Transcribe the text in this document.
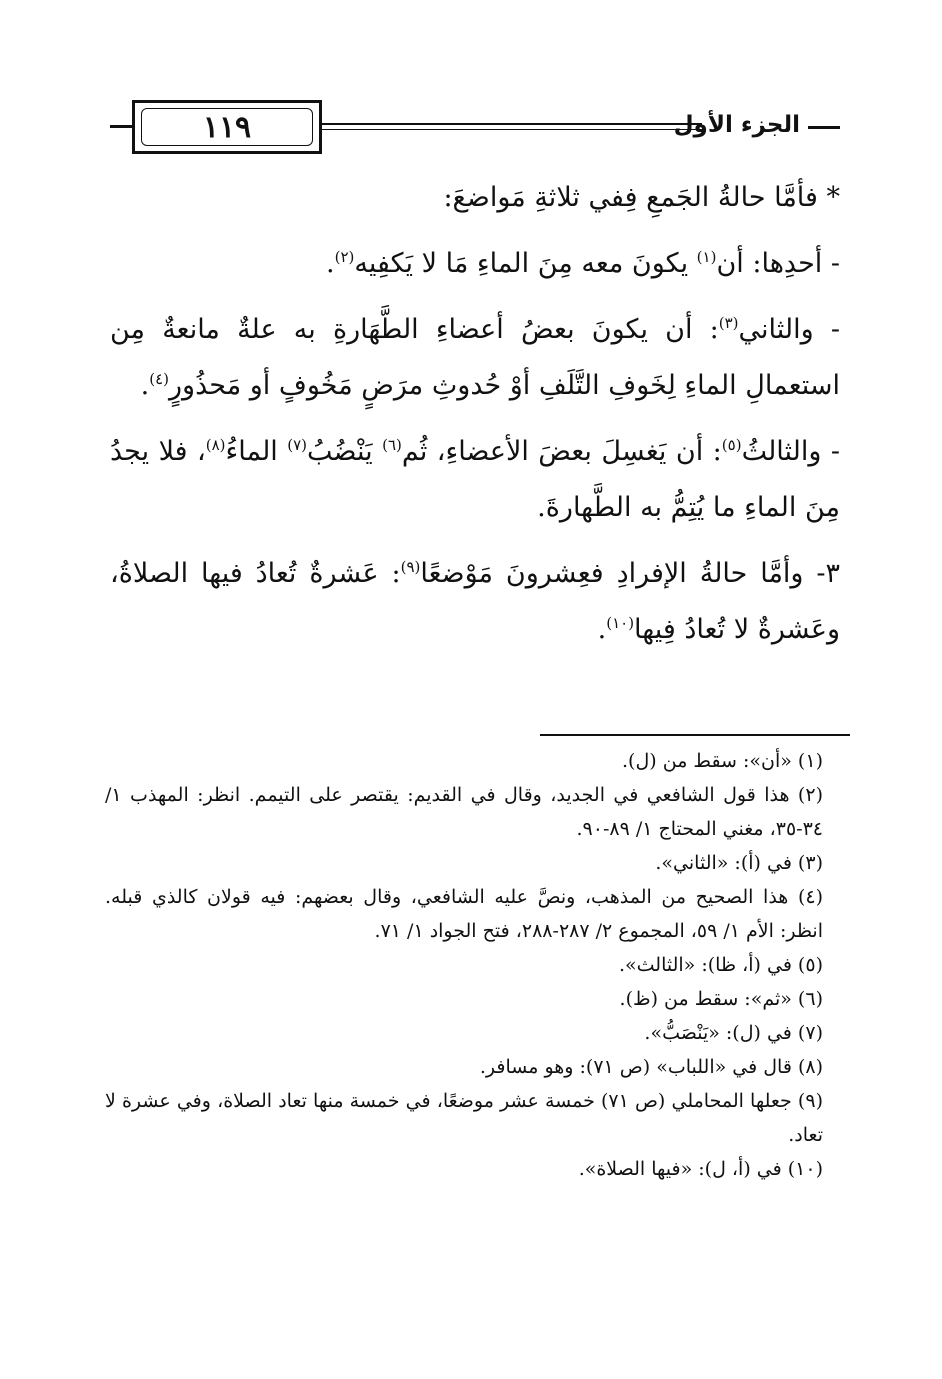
١١٩	الجزء الأول

* فأمَّا حالةُ الجَمعِ فِفي ثلاثةِ مَواضعَ:

- أحدِها: أن$^{(١)}$ يكونَ معه مِنَ الماءِ مَا لا يَكفِيه$^{(٢)}$.

- والثاني$^{(٣)}$: أن يكونَ بعضُ أعضاءِ الطَّهَارةِ به علةٌ مانعةٌ مِن استعمالِ الماءِ لِخَوفِ التَّلَفِ أوْ حُدوثِ مرَضٍ مَخُوفٍ أو مَحذُورٍ$^{(٤)}$.

- والثالثُ$^{(٥)}$: أن يَغسِلَ بعضَ الأعضاءِ، ثُم$^{(٦)}$ يَنْضُبُ$^{(٧)}$ الماءُ$^{(٨)}$، فلا يجدُ مِنَ الماءِ ما يُتِمُّ به الطَّهارةَ.

٣- وأمَّا حالةُ الإفرادِ فعِشرونَ مَوْضعًا$^{(٩)}$: عَشرةٌ تُعادُ فيها الصلاةُ، وعَشرةٌ لا تُعادُ فِيها$^{(١٠)}$.

(١) «أن»: سقط من (ل).

(٢) هذا قول الشافعي في الجديد، وقال في القديم: يقتصر على التيمم. انظر: المهذب ١/ ٣٤-٣٥، مغني المحتاج ١/ ٨٩-٩٠.

(٣) في (أ): «الثاني».

(٤) هذا الصحيح من المذهب، ونصَّ عليه الشافعي، وقال بعضهم: فيه قولان كالذي قبله. انظر: الأم ١/ ٥٩، المجموع ٢/ ٢٨٧-٢٨٨، فتح الجواد ١/ ٧١.

(٥) في (أ، ظا): «الثالث».

(٦) «ثم»: سقط من (ظ).

(٧) في (ل): «يَنْصَبُّ».

(٨) قال في «اللباب» (ص ٧١): وهو مسافر.

(٩) جعلها المحاملي (ص ٧١) خمسة عشر موضعًا، في خمسة منها تعاد الصلاة، وفي عشرة لا تعاد.

(١٠) في (أ، ل): «فيها الصلاة».
